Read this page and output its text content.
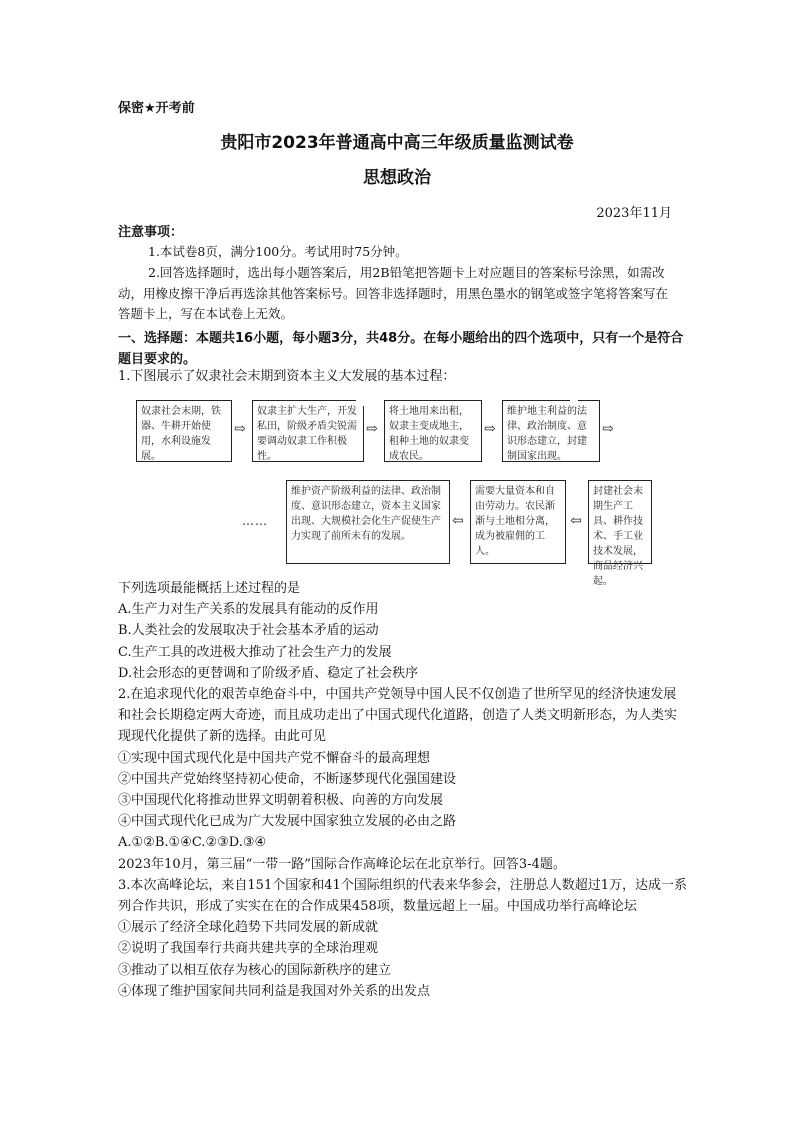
保密★开考前
贵阳市2023年普通高中高三年级质量监测试卷
思想政治
2023年11月
注意事项：
1.本试卷8页，满分100分。考试用时75分钟。
2.回答选择题时，选出每小题答案后，用2B铅笔把答题卡上对应题目的答案标号涂黑，如需改动，用橡皮擦干净后再选涂其他答案标号。回答非选择题时，用黑色墨水的钢笔或签字笔将答案写在答题卡上，写在本试卷上无效。
一、选择题：本题共16小题，每小题3分，共48分。在每小题给出的四个选项中，只有一个是符合题目要求的。
1.下图展示了奴隶社会末期到资本主义大发展的基本过程：
奴隶社会末期，铁器、牛耕开始使用，水利设施发展。
⇨
奴隶主扩大生产，开发私田，阶级矛盾尖锐需要调动奴隶工作积极性。
⇨
将土地用来出租，奴隶主变成地主，租种土地的奴隶变成农民。
⇨
维护地主利益的法律、政治制度、意识形态建立，封建制国家出现。
⇨
封建社会末期生产工具、耕作技术、手工业技术发展，商品经济兴起。
⇦
需要大量资本和自由劳动力。农民渐渐与土地相分离，成为被雇佣的工人。
⇦
维护资产阶级利益的法律、政治制度、意识形态建立，资本主义国家出现、大规模社会化生产促使生产力实现了前所未有的发展。
……
下列选项最能概括上述过程的是
A.生产力对生产关系的发展具有能动的反作用
B.人类社会的发展取决于社会基本矛盾的运动
C.生产工具的改进极大推动了社会生产力的发展
D.社会形态的更替调和了阶级矛盾、稳定了社会秩序
2.在追求现代化的艰苦卓绝奋斗中，中国共产党领导中国人民不仅创造了世所罕见的经济快速发展和社会长期稳定两大奇迹，而且成功走出了中国式现代化道路，创造了人类文明新形态，为人类实现现代化提供了新的选择。由此可见
①实现中国式现代化是中国共产党不懈奋斗的最高理想
②中国共产党始终坚持初心使命，不断逐梦现代化强国建设
③中国现代化将推动世界文明朝着积极、向善的方向发展
④中国式现代化已成为广大发展中国家独立发展的必由之路
A.①②B.①④C.②③D.③④
2023年10月，第三届“一带一路”国际合作高峰论坛在北京举行。回答3-4题。
3.本次高峰论坛，来自151个国家和41个国际组织的代表来华参会，注册总人数超过1万，达成一系列合作共识，形成了实实在在的合作成果458项，数量远超上一届。中国成功举行高峰论坛
①展示了经济全球化趋势下共同发展的新成就
②说明了我国奉行共商共建共享的全球治理观
③推动了以相互依存为核心的国际新秩序的建立
④体现了维护国家间共同利益是我国对外关系的出发点
